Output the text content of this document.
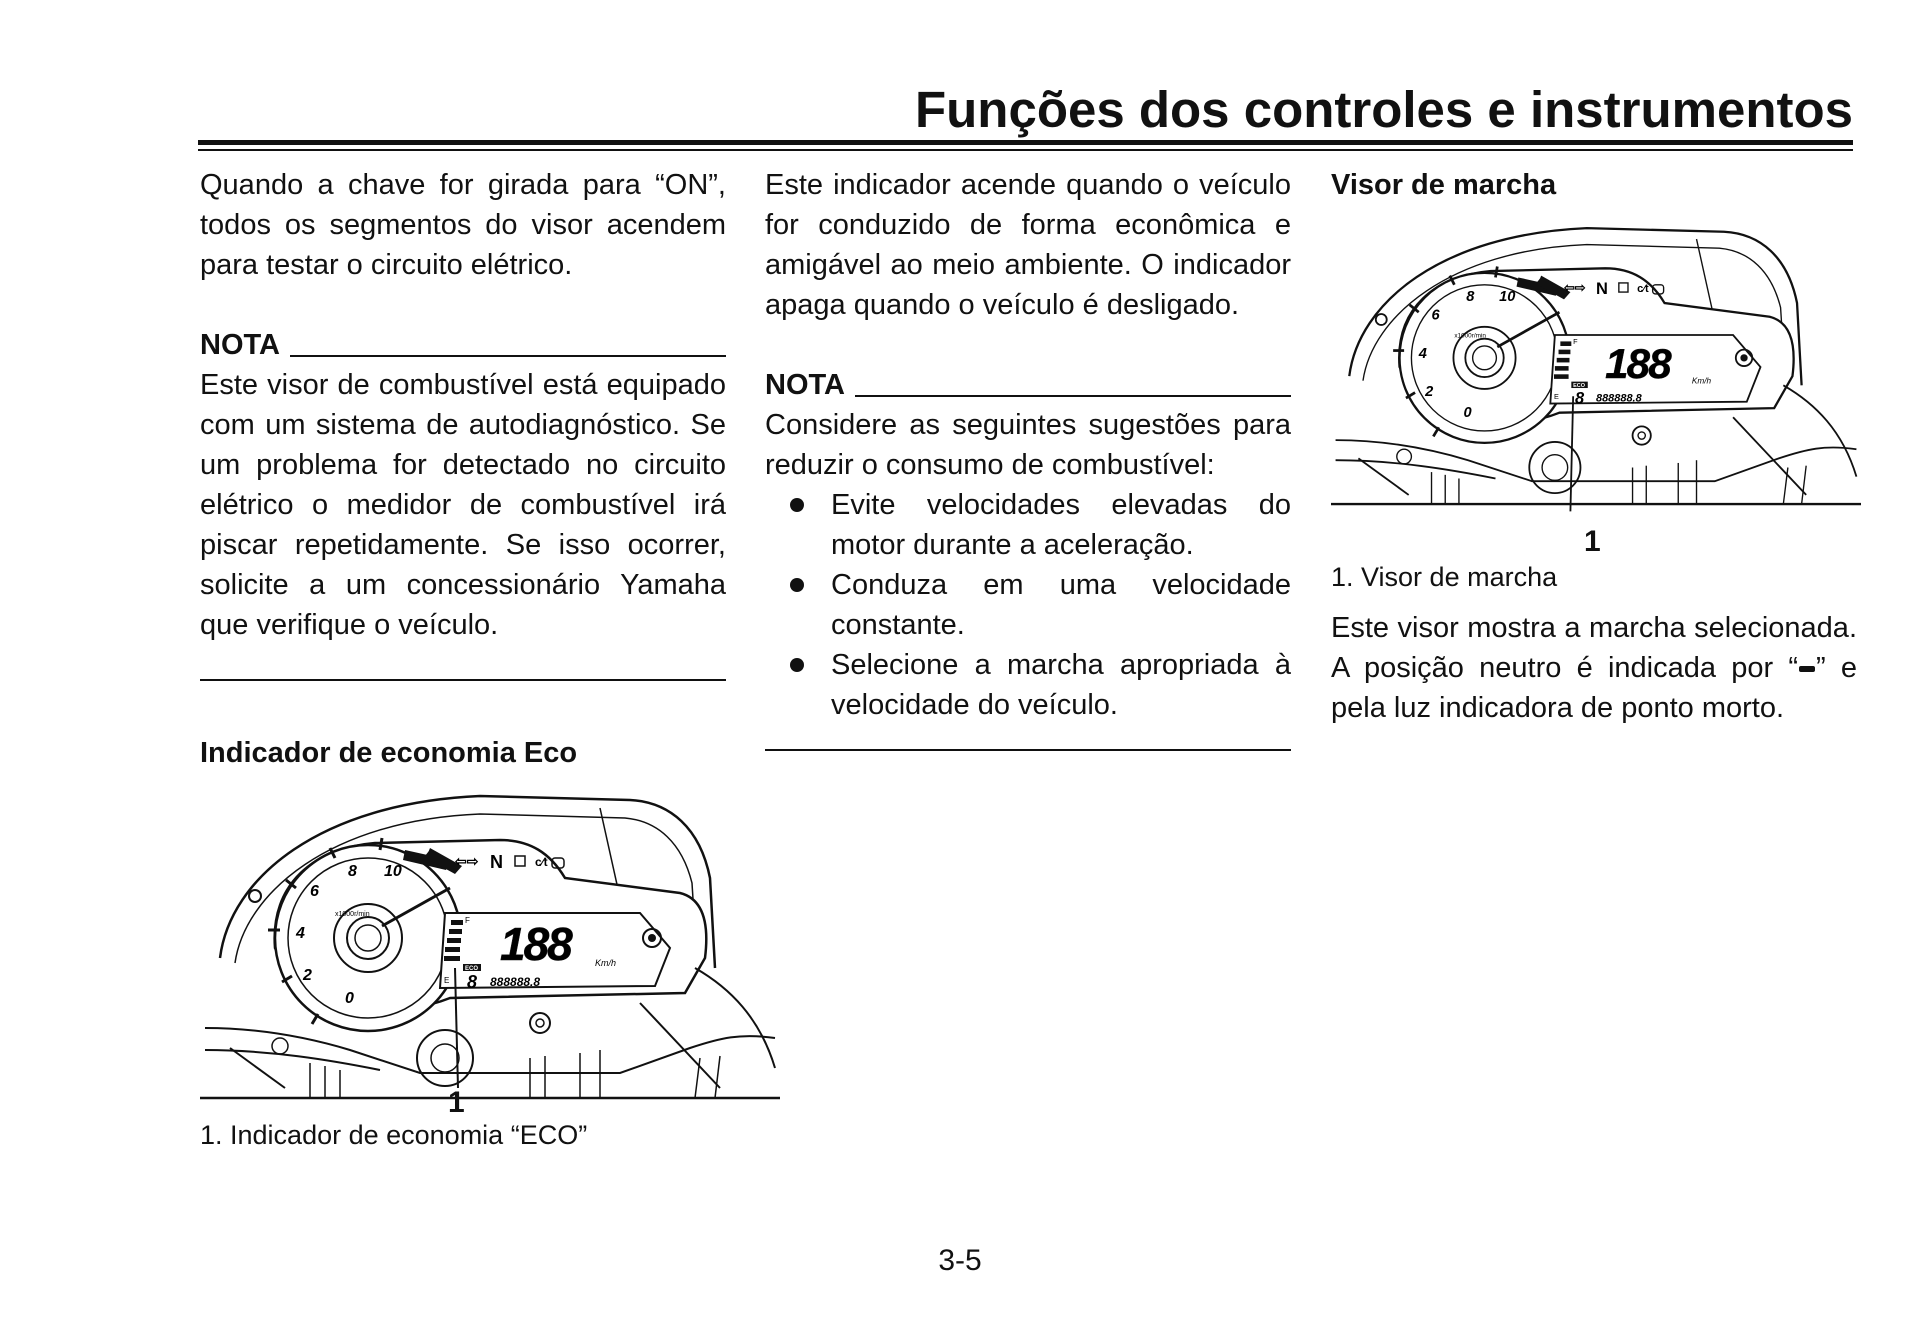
Funções dos controles e instrumentos

Quando a chave for girada para “ON”, todos os segmentos do visor acendem para testar o circuito elétrico.

NOTA

Este visor de combustível está equipado com um sistema de autodiagnóstico. Se um problema for detectado no circuito elétrico o medidor de combustível irá piscar repetidamente. Se isso ocorrer, solicite a um concessionário Yamaha que verifique o veículo.

Indicador de economia Eco
1

1. Indicador de economia “ECO”

Este indicador acende quando o veículo for conduzido de forma econômica e amigável ao meio ambiente. O indicador apaga quando o veículo é desligado.

NOTA

Considere as seguintes sugestões para reduzir o consumo de combustível:

Evite velocidades elevadas do motor durante a aceleração.
Conduza em uma velocidade constante.
Selecione a marcha apropriada à velocidade do veículo.
Visor de marcha
1

1. Visor de marcha

Este visor mostra a marcha selecionada. A posição neutro é indicada por “ ” e pela luz indicadora de ponto morto.

3-5
